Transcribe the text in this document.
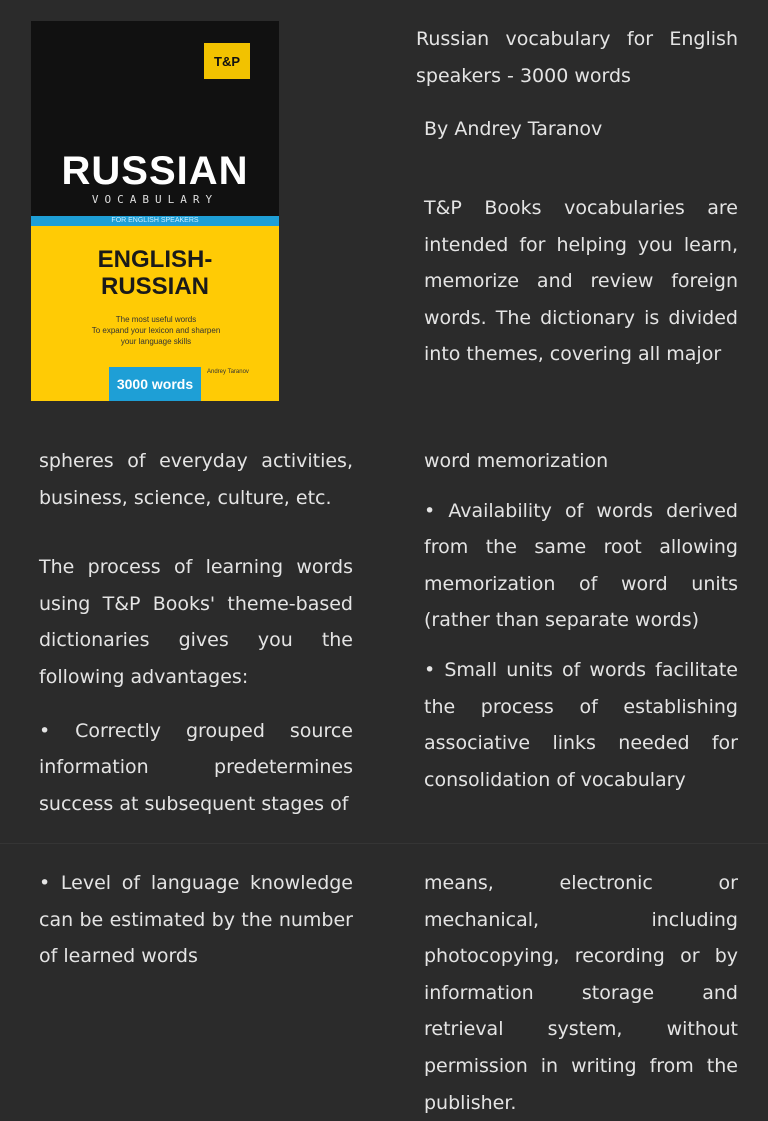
T&P
RUSSIAN
VOCABULARY
FOR ENGLISH SPEAKERS
ENGLISH-
RUSSIAN
The most useful words
To expand your lexicon and sharpen
your language skills
3000 words
Andrey Taranov

Russian vocabulary for English speakers - 3000 words

By Andrey Taranov

T&P Books vocabularies are intended for helping you learn, memorize and review foreign words. The dictionary is divided into themes, covering all major

spheres of everyday activities, business, science, culture, etc.

The process of learning words using T&P Books' theme-based dictionaries gives you the following advantages:

• Correctly grouped source information predetermines success at subsequent stages of

word memorization

• Availability of words derived from the same root allowing memorization of word units (rather than separate words)

• Small units of words facilitate the process of establishing associative links needed for consolidation of vocabulary

• Level of language knowledge can be estimated by the number of learned words

means, electronic or mechanical, including photocopying, recording or by information storage and retrieval system, without permission in writing from the publisher.
